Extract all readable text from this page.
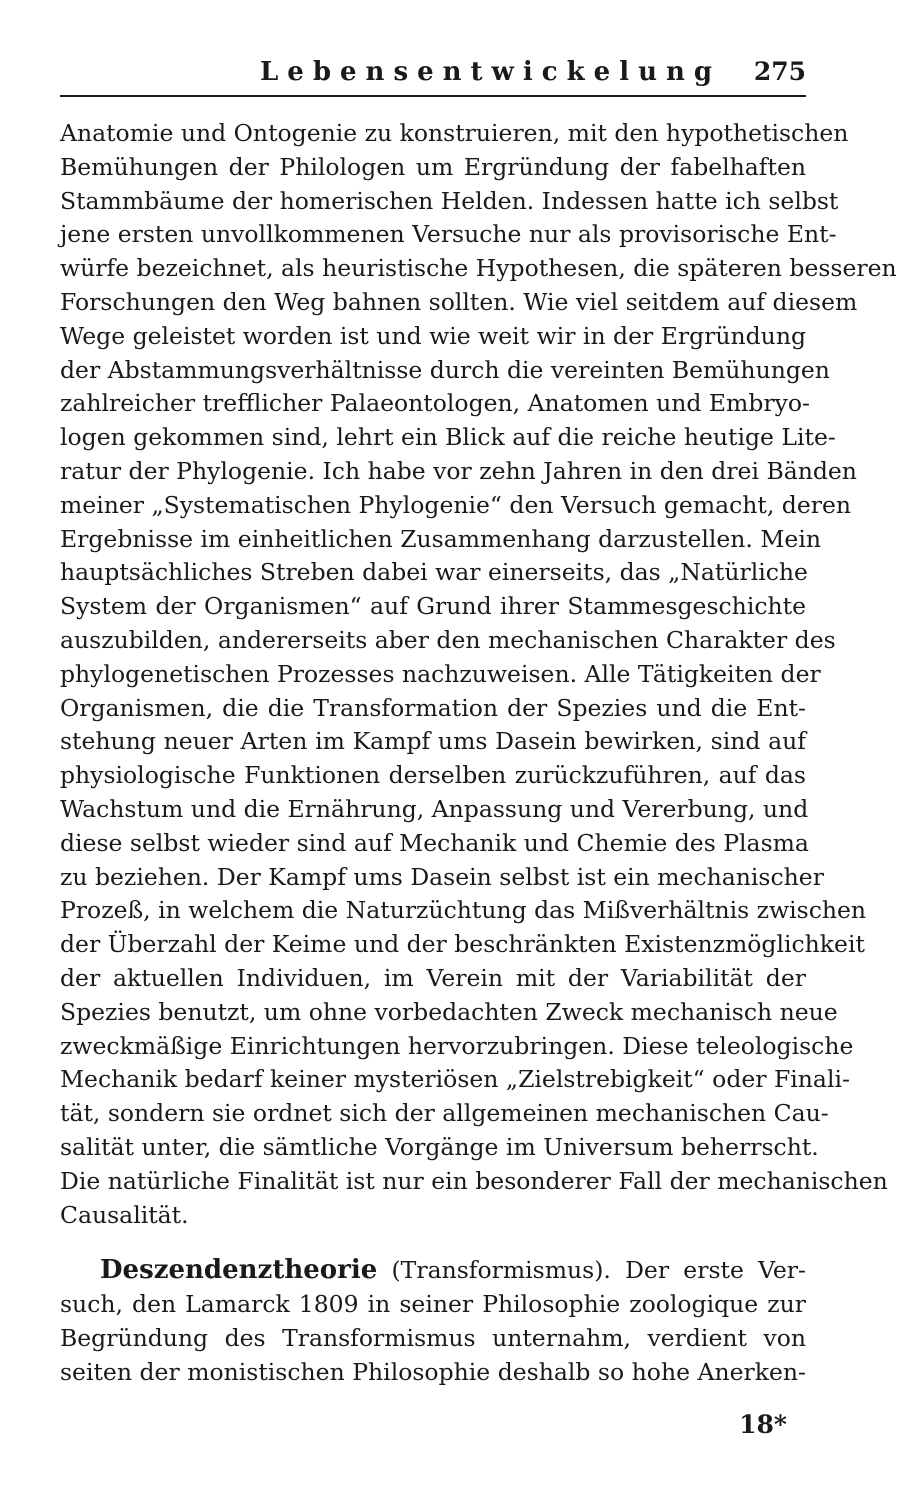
Lebensentwickelung 275
Anatomie und Ontogenie zu konstruieren, mit den hypothetischen
Bemühungen der Philologen um Ergründung der fabelhaften
Stammbäume der homerischen Helden. Indessen hatte ich selbst
jene ersten unvollkommenen Versuche nur als provisorische Ent-
würfe bezeichnet, als heuristische Hypothesen, die späteren besseren
Forschungen den Weg bahnen sollten. Wie viel seitdem auf diesem
Wege geleistet worden ist und wie weit wir in der Ergründung
der Abstammungsverhältnisse durch die vereinten Bemühungen
zahlreicher trefflicher Palaeontologen, Anatomen und Embryo-
logen gekommen sind, lehrt ein Blick auf die reiche heutige Lite-
ratur der Phylogenie. Ich habe vor zehn Jahren in den drei Bänden
meiner „Systematischen Phylogenie“ den Versuch gemacht, deren
Ergebnisse im einheitlichen Zusammenhang darzustellen. Mein
hauptsächliches Streben dabei war einerseits, das „Natürliche
System der Organismen“ auf Grund ihrer Stammesgeschichte
auszubilden, andererseits aber den mechanischen Charakter des
phylogenetischen Prozesses nachzuweisen. Alle Tätigkeiten der
Organismen, die die Transformation der Spezies und die Ent-
stehung neuer Arten im Kampf ums Dasein bewirken, sind auf
physiologische Funktionen derselben zurückzuführen, auf das
Wachstum und die Ernährung, Anpassung und Vererbung, und
diese selbst wieder sind auf Mechanik und Chemie des Plasma
zu beziehen. Der Kampf ums Dasein selbst ist ein mechanischer
Prozeß, in welchem die Naturzüchtung das Mißverhältnis zwischen
der Überzahl der Keime und der beschränkten Existenzmöglichkeit
der aktuellen Individuen, im Verein mit der Variabilität der
Spezies benutzt, um ohne vorbedachten Zweck mechanisch neue
zweckmäßige Einrichtungen hervorzubringen. Diese teleologische
Mechanik bedarf keiner mysteriösen „Zielstrebigkeit“ oder Finali-
tät, sondern sie ordnet sich der allgemeinen mechanischen Cau-
salität unter, die sämtliche Vorgänge im Universum beherrscht.
Die natürliche Finalität ist nur ein besonderer Fall der mechanischen
Causalität.
Deszendenztheorie (Transformismus). Der erste Ver-
such, den Lamarck 1809 in seiner Philosophie zoologique zur
Begründung des Transformismus unternahm, verdient von
seiten der monistischen Philosophie deshalb so hohe Anerken-
18*
